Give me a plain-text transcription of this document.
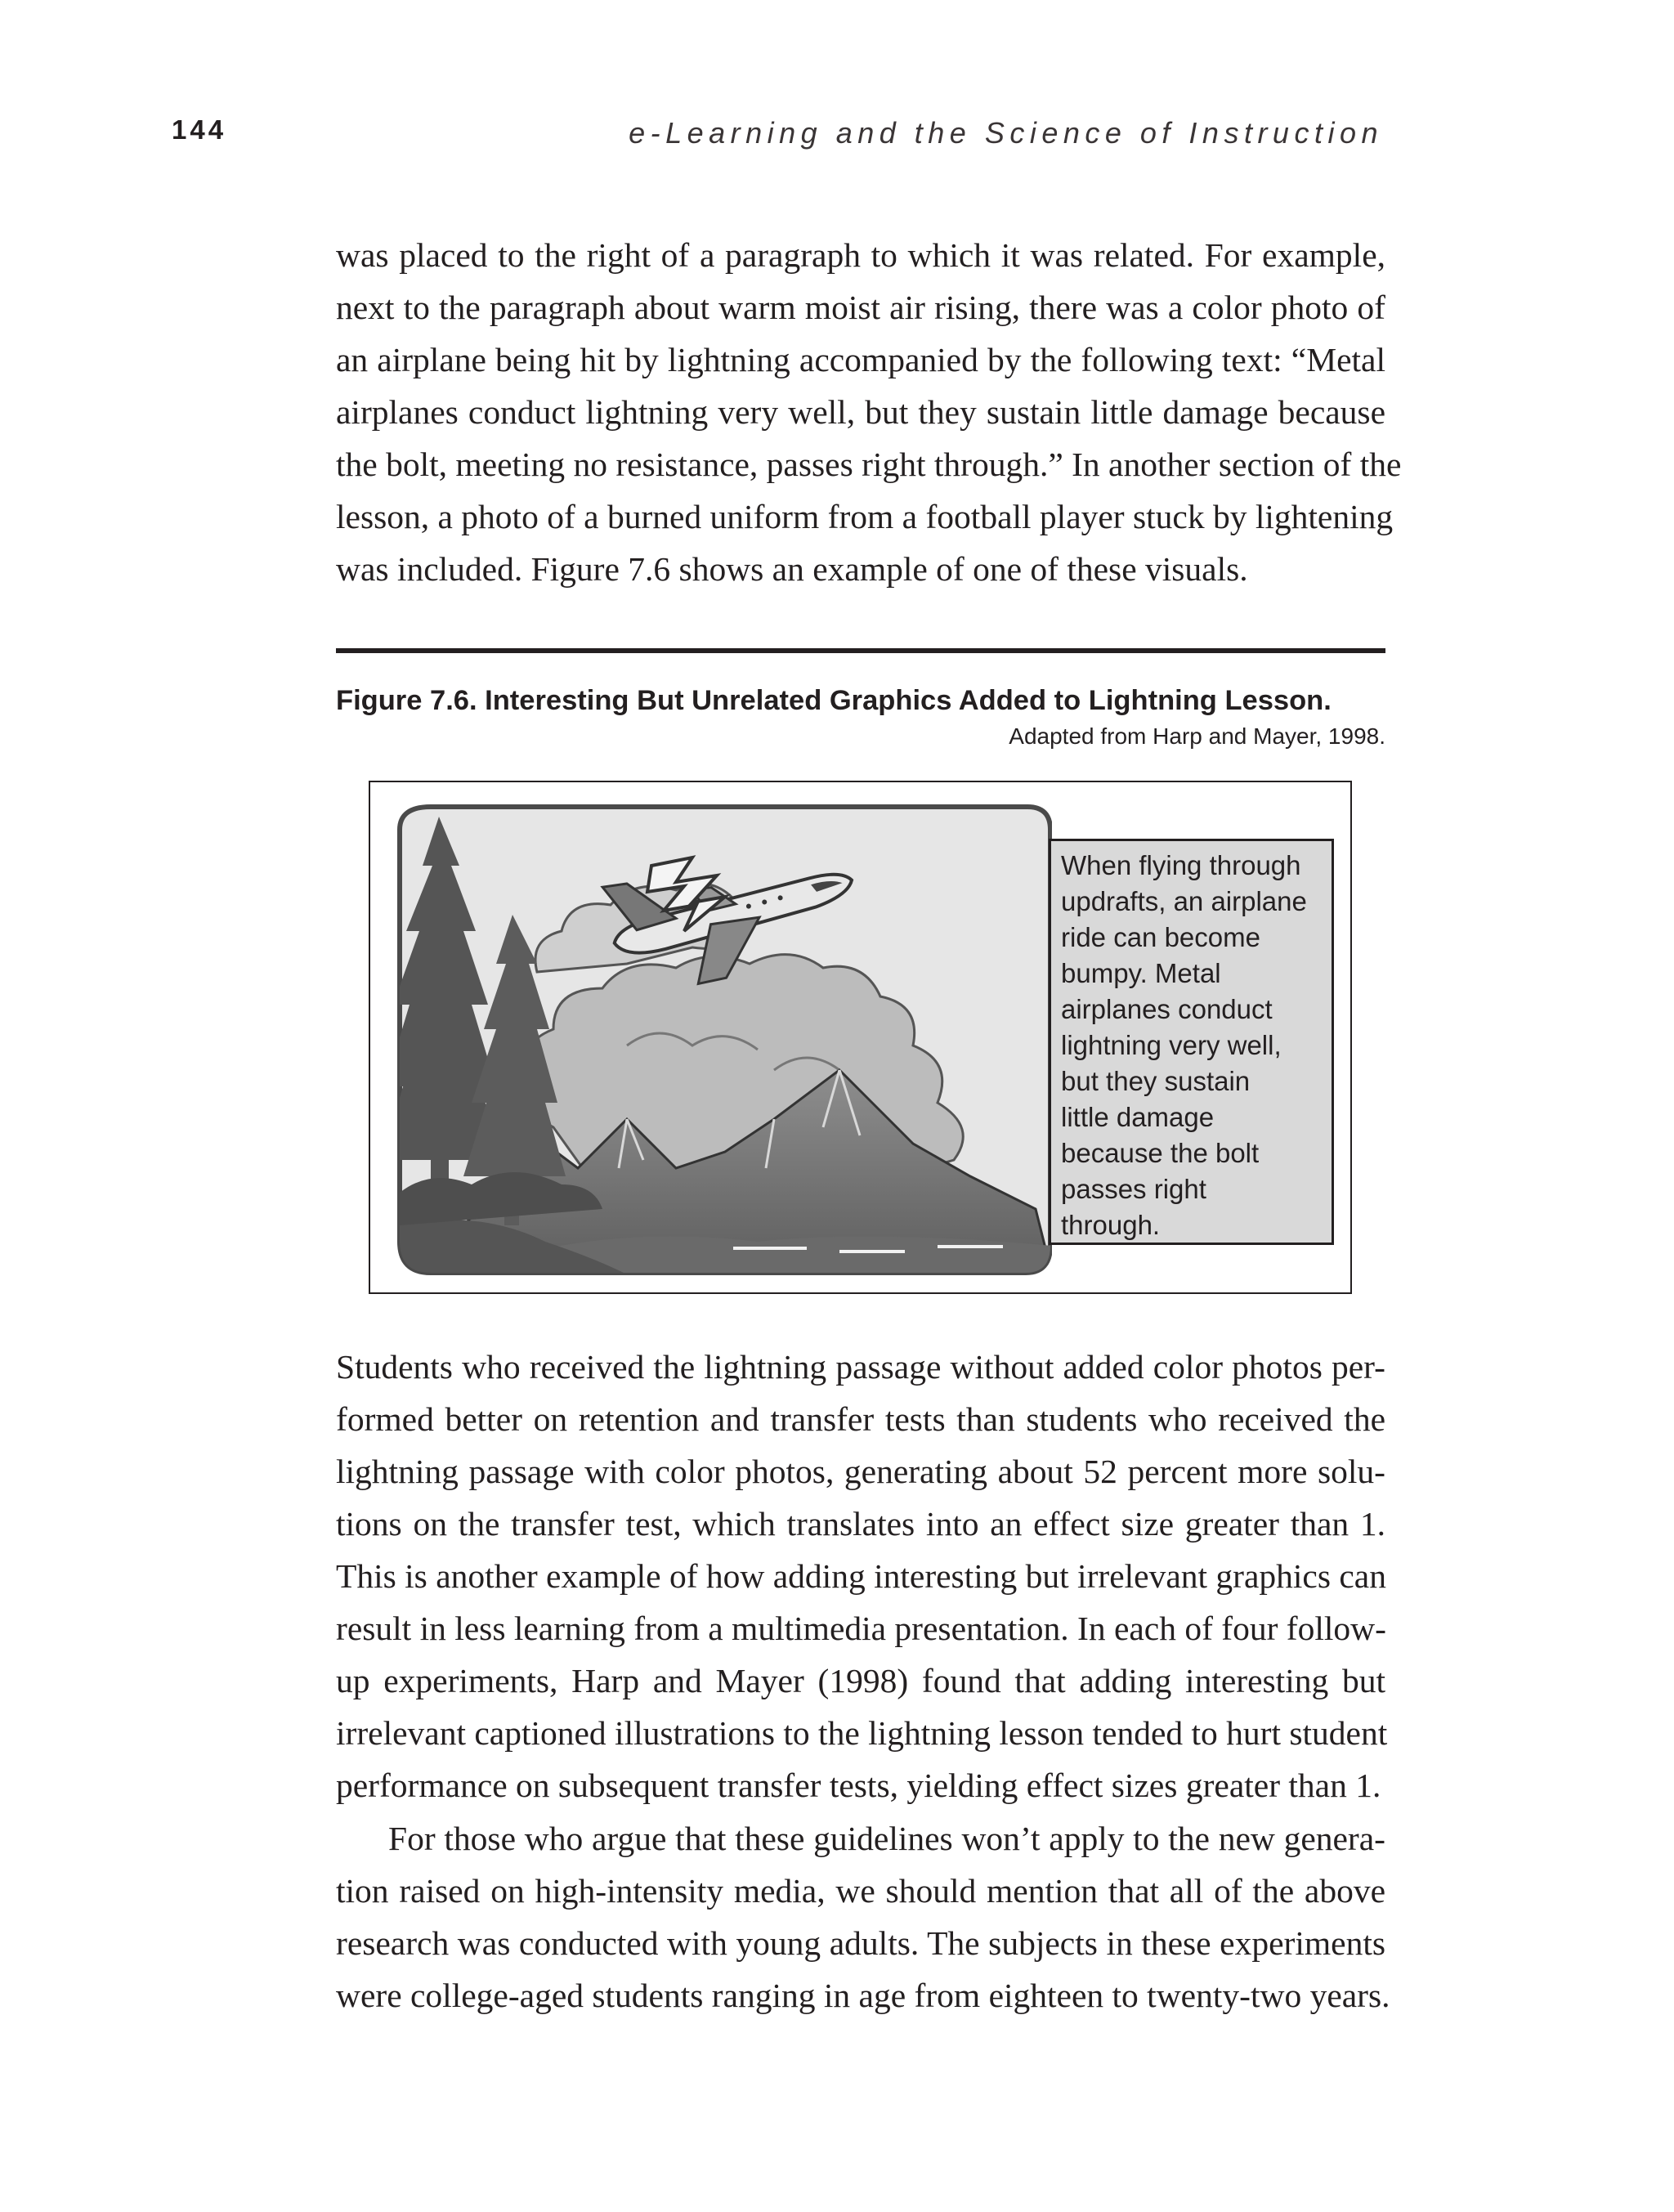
144	e-Learning and the Science of Instruction
was placed to the right of a paragraph to which it was related. For example,
next to the paragraph about warm moist air rising, there was a color photo of
an airplane being hit by lightning accompanied by the following text: “Metal
airplanes conduct lightning very well, but they sustain little damage because
the bolt, meeting no resistance, passes right through.” In another section of the
lesson, a photo of a burned uniform from a football player stuck by lightening
was included. Figure 7.6 shows an example of one of these visuals.
Figure 7.6. Interesting But Unrelated Graphics Added to Lightning Lesson.
Adapted from Harp and Mayer, 1998.
When flying through
updrafts, an airplane
ride can become
bumpy. Metal
airplanes conduct
lightning very well,
but they sustain
little damage
because the bolt
passes right
through.
Students who received the lightning passage without added color photos per-
formed better on retention and transfer tests than students who received the
lightning passage with color photos, generating about 52 percent more solu-
tions on the transfer test, which translates into an effect size greater than 1.
This is another example of how adding interesting but irrelevant graphics can
result in less learning from a multimedia presentation. In each of four follow-
up experiments, Harp and Mayer (1998) found that adding interesting but
irrelevant captioned illustrations to the lightning lesson tended to hurt student
performance on subsequent transfer tests, yielding effect sizes greater than 1.
For those who argue that these guidelines won’t apply to the new genera-
tion raised on high-intensity media, we should mention that all of the above
research was conducted with young adults. The subjects in these experiments
were college-aged students ranging in age from eighteen to twenty-two years.
